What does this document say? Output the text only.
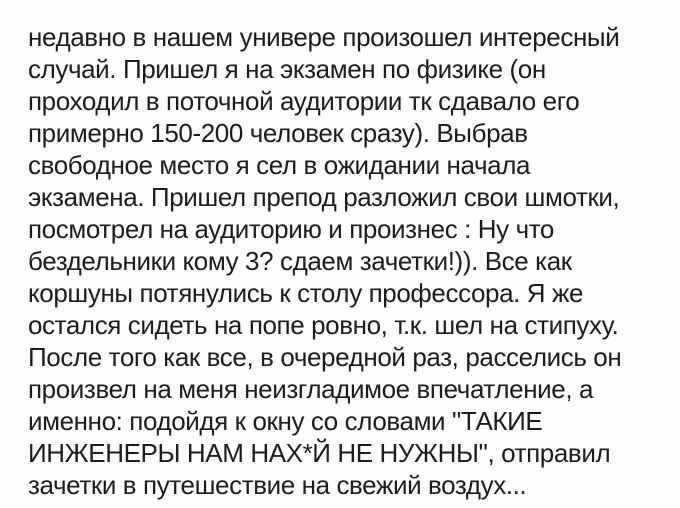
недавно в нашем универе произошел интересный
случай. Пришел я на экзамен по физике (он
проходил в поточной аудитории тк сдавало его
примерно 150-200 человек сразу). Выбрав
свободное место я сел в ожидании начала
экзамена. Пришел препод разложил свои шмотки,
посмотрел на аудиторию и произнес : Ну что
бездельники кому 3? сдаем зачетки!)). Все как
коршуны потянулись к столу профессора. Я же
остался сидеть на попе ровно, т.к. шел на стипуху.
После того как все, в очередной раз, расселись он
произвел на меня неизгладимое впечатление, а
именно: подойдя к окну со словами "ТАКИЕ
ИНЖЕНЕРЫ НАМ НАХ*Й НЕ НУЖНЫ", отправил
зачетки в путешествие на свежий воздух...
